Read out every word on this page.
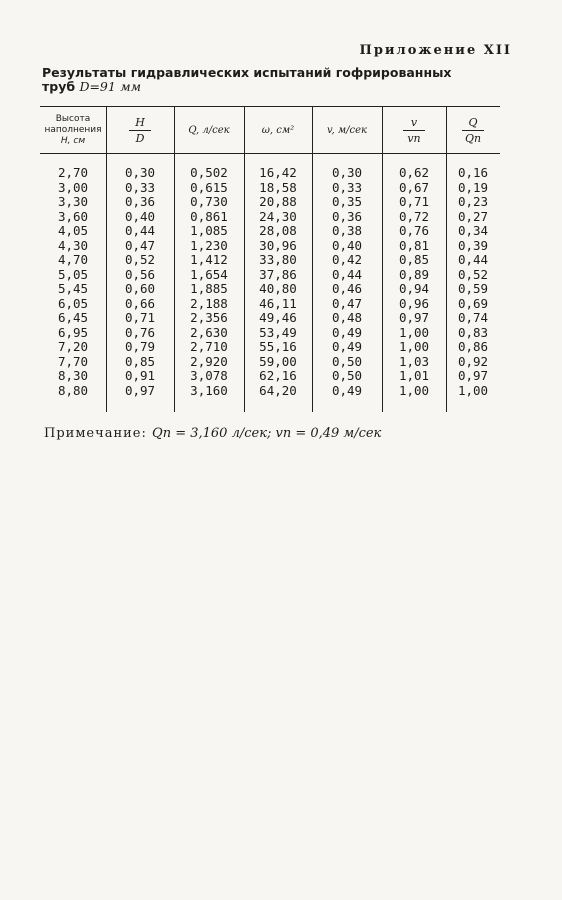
Приложение XII
Результаты гидравлических испытаний гофрированных
труб D=91 мм
Высота
наполнения
H, см	$\frac{H}{D}$	Q, л/сек	ω, см²	v, м/сек	$\frac{v}{vп}$	$\frac{Q}{Qп}$
2,70	0,30	0,502	16,42	0,30	0,62	0,16
3,00	0,33	0,615	18,58	0,33	0,67	0,19
3,30	0,36	0,730	20,88	0,35	0,71	0,23
3,60	0,40	0,861	24,30	0,36	0,72	0,27
4,05	0,44	1,085	28,08	0,38	0,76	0,34
4,30	0,47	1,230	30,96	0,40	0,81	0,39
4,70	0,52	1,412	33,80	0,42	0,85	0,44
5,05	0,56	1,654	37,86	0,44	0,89	0,52
5,45	0,60	1,885	40,80	0,46	0,94	0,59
6,05	0,66	2,188	46,11	0,47	0,96	0,69
6,45	0,71	2,356	49,46	0,48	0,97	0,74
6,95	0,76	2,630	53,49	0,49	1,00	0,83
7,20	0,79	2,710	55,16	0,49	1,00	0,86
7,70	0,85	2,920	59,00	0,50	1,03	0,92
8,30	0,91	3,078	62,16	0,50	1,01	0,97
8,80	0,97	3,160	64,20	0,49	1,00	1,00
Примечание: Qп = 3,160 л/сек; vп = 0,49 м/сек
